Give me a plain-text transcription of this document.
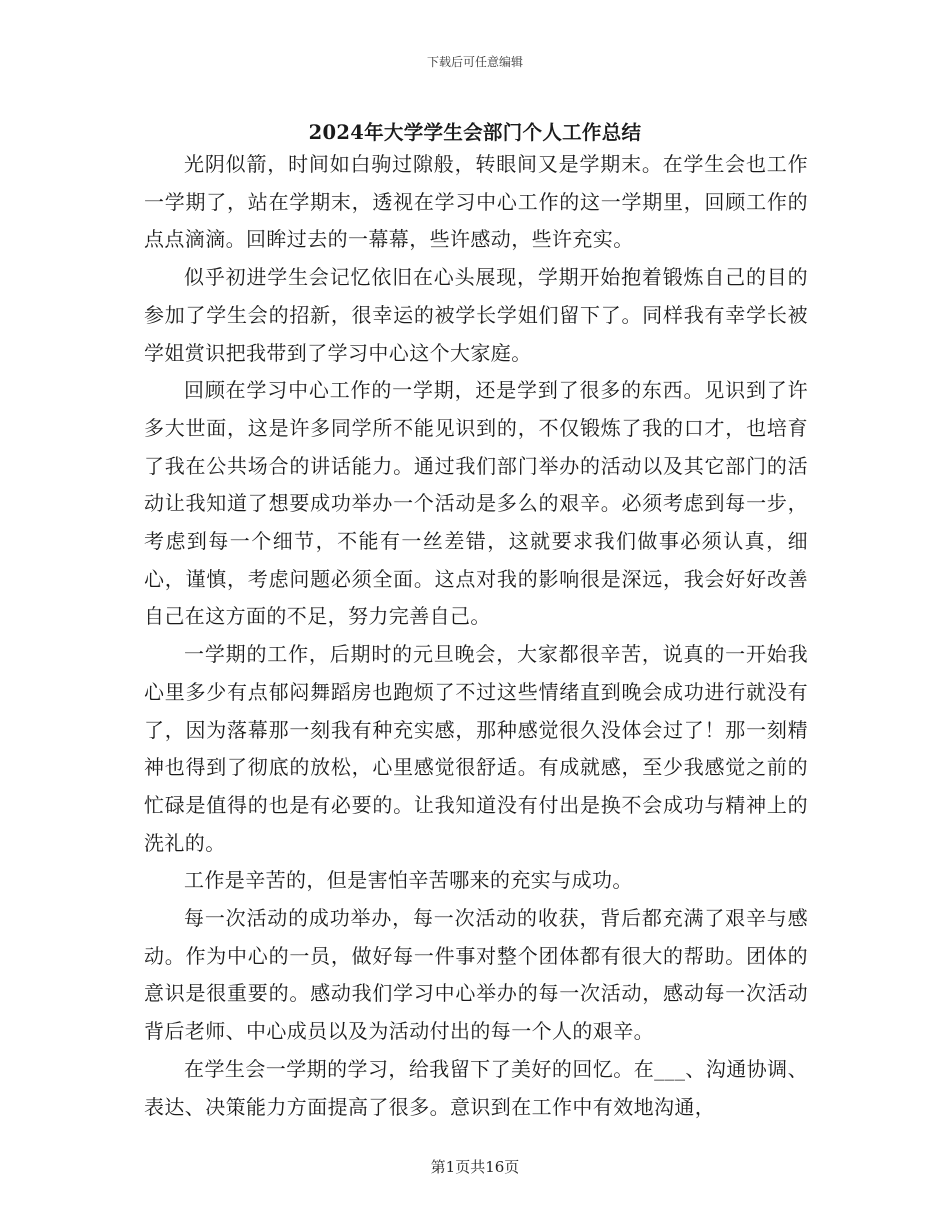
下载后可任意编辑
2024年大学学生会部门个人工作总结

光阴似箭，时间如白驹过隙般，转眼间又是学期末。在学生会也工作一学期了，站在学期末，透视在学习中心工作的这一学期里，回顾工作的点点滴滴。回眸过去的一幕幕，些许感动，些许充实。

似乎初进学生会记忆依旧在心头展现，学期开始抱着锻炼自己的目的参加了学生会的招新，很幸运的被学长学姐们留下了。同样我有幸学长被学姐赏识把我带到了学习中心这个大家庭。

回顾在学习中心工作的一学期，还是学到了很多的东西。见识到了许多大世面，这是许多同学所不能见识到的，不仅锻炼了我的口才，也培育了我在公共场合的讲话能力。通过我们部门举办的活动以及其它部门的活动让我知道了想要成功举办一个活动是多么的艰辛。必须考虑到每一步，考虑到每一个细节，不能有一丝差错，这就要求我们做事必须认真，细心，谨慎，考虑问题必须全面。这点对我的影响很是深远，我会好好改善自己在这方面的不足，努力完善自己。

一学期的工作，后期时的元旦晚会，大家都很辛苦，说真的一开始我心里多少有点郁闷舞蹈房也跑烦了不过这些情绪直到晚会成功进行就没有了，因为落幕那一刻我有种充实感，那种感觉很久没体会过了！那一刻精神也得到了彻底的放松，心里感觉很舒适。有成就感，至少我感觉之前的忙碌是值得的也是有必要的。让我知道没有付出是换不会成功与精神上的洗礼的。

工作是辛苦的，但是害怕辛苦哪来的充实与成功。

每一次活动的成功举办，每一次活动的收获，背后都充满了艰辛与感动。作为中心的一员，做好每一件事对整个团体都有很大的帮助。团体的意识是很重要的。感动我们学习中心举办的每一次活动，感动每一次活动背后老师、中心成员以及为活动付出的每一个人的艰辛。

在学生会一学期的学习，给我留下了美好的回忆。在___、沟通协调、表达、决策能力方面提高了很多。意识到在工作中有效地沟通，

第1页共16页
